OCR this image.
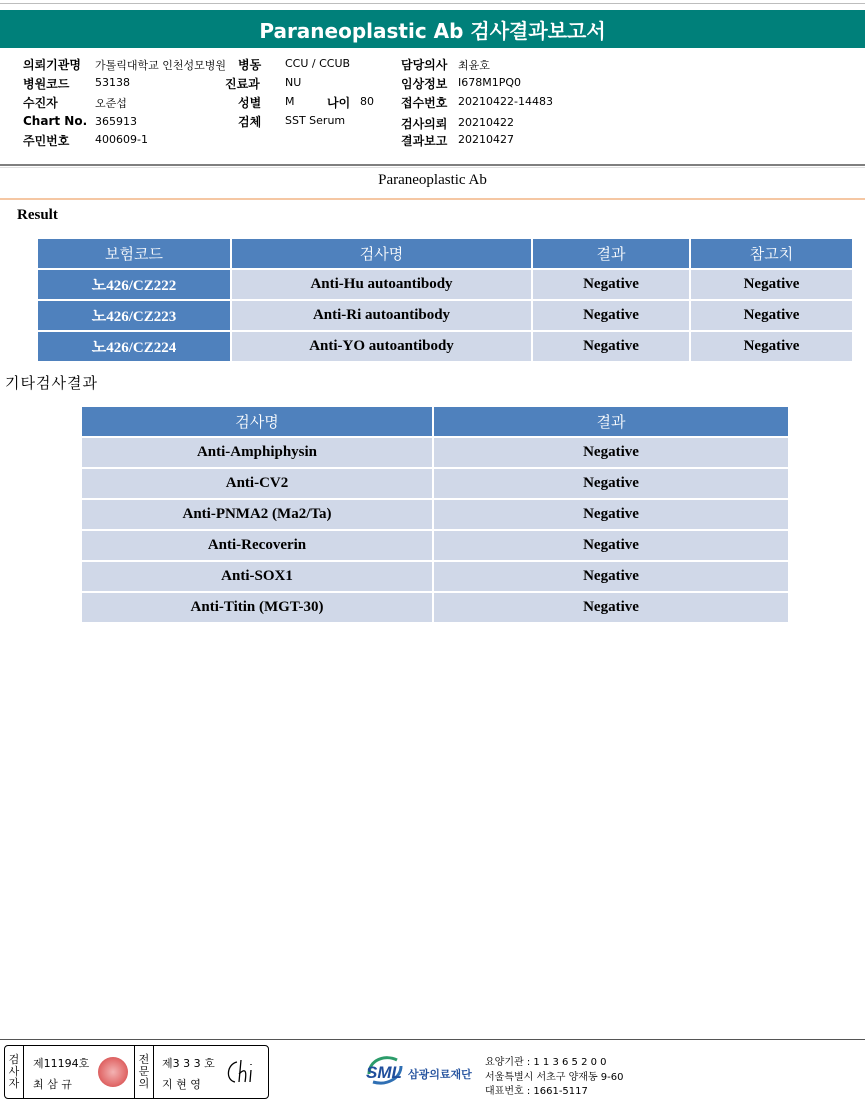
Paraneoplastic Ab 검사결과보고서
의뢰기관명 가톨릭대학교 인천성모병원
병원코드 53138
수진자	오준섭
Chart No. 365913
주민번호 400609-1
병동 CCU / CCUB
진료과 NU
성별 M	나이 80
검체 SST Serum
담당의사 최윤호
임상정보 I678M1PQ0
접수번호 20210422-14483
검사의뢰 20210422
결과보고 20210427
Paraneoplastic Ab
Result
보험코드	검사명	결과	참고치
노426/CZ222	Anti-Hu autoantibody	Negative	Negative
노426/CZ223	Anti-Ri autoantibody	Negative	Negative
노426/CZ224	Anti-YO autoantibody	Negative	Negative
기타검사결과
검사명	결과
Anti-Amphiphysin	Negative
Anti-CV2	Negative
Anti-PNMA2 (Ma2/Ta)	Negative
Anti-Recoverin	Negative
Anti-SOX1	Negative
Anti-Titin (MGT-30)	Negative
검
사
자
제11194호
최 삼 규
전
문
의
제3 3 3 호
지 현 영
SML 삼광의료재단
요양기관 : 1 1 3 6 5 2 0 0
서울특별시 서초구 양재동 9-60
대표번호 : 1661-5117
